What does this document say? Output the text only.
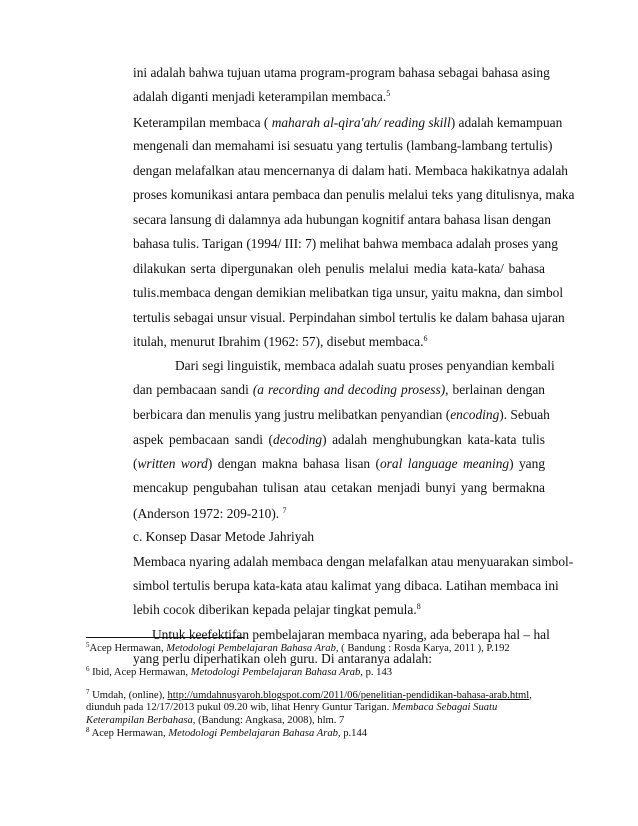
ini adalah bahwa tujuan utama program-program bahasa sebagai bahasa asing
adalah diganti menjadi keterampilan membaca.$^5$
Keterampilan membaca ( maharah al-qira'ah/ reading skill) adalah kemampuan
mengenali dan memahami isi sesuatu yang tertulis (lambang-lambang tertulis)
dengan melafalkan atau mencernanya di dalam hati. Membaca hakikatnya adalah
proses komunikasi antara pembaca dan penulis melalui teks yang ditulisnya, maka
secara lansung di dalamnya ada hubungan kognitif antara bahasa lisan dengan
bahasa tulis. Tarigan (1994/ III: 7) melihat bahwa membaca adalah proses yang
dilakukan serta dipergunakan oleh penulis melalui media kata-kata/ bahasa
tulis.membaca dengan demikian melibatkan tiga unsur, yaitu makna, dan simbol
tertulis sebagai unsur visual. Perpindahan simbol tertulis ke dalam bahasa ujaran
itulah, menurut Ibrahim (1962: 57), disebut membaca.$^6$
Dari segi linguistik, membaca adalah suatu proses penyandian kembali
dan pembacaan sandi (a recording and decoding prosess), berlainan dengan
berbicara dan menulis yang justru melibatkan penyandian (encoding). Sebuah
aspek pembacaan sandi (decoding) adalah menghubungkan kata-kata tulis
(written word) dengan makna bahasa lisan (oral language meaning) yang
mencakup pengubahan tulisan atau cetakan menjadi bunyi yang bermakna
(Anderson 1972: 209-210). $^7$
c. Konsep Dasar Metode Jahriyah
Membaca nyaring adalah membaca dengan melafalkan atau menyuarakan simbol-
simbol tertulis berupa kata-kata atau kalimat yang dibaca. Latihan membaca ini
lebih cocok diberikan kepada pelajar tingkat pemula.$^8$
Untuk keefektifan pembelajaran membaca nyaring, ada beberapa hal – hal
yang perlu diperhatikan oleh guru. Di antaranya adalah:
$^5$Acep Hermawan, Metodologi Pembelajaran Bahasa Arab, ( Bandung : Rosda Karya, 2011 ), P.192
$^6$ Ibid, Acep Hermawan, Metodologi Pembelajaran Bahasa Arab, p. 143
$^7$ Umdah, (online), http://umdahnusyaroh.blogspot.com/2011/06/penelitian-pendidikan-bahasa-arab.html,
diunduh pada 12/17/2013 pukul 09.20 wib, lihat Henry Guntur Tarigan. Membaca Sebagai Suatu
Keterampilan Berbahasa, (Bandung: Angkasa, 2008), hlm. 7
$^8$ Acep Hermawan, Metodologi Pembelajaran Bahasa Arab, p.144
